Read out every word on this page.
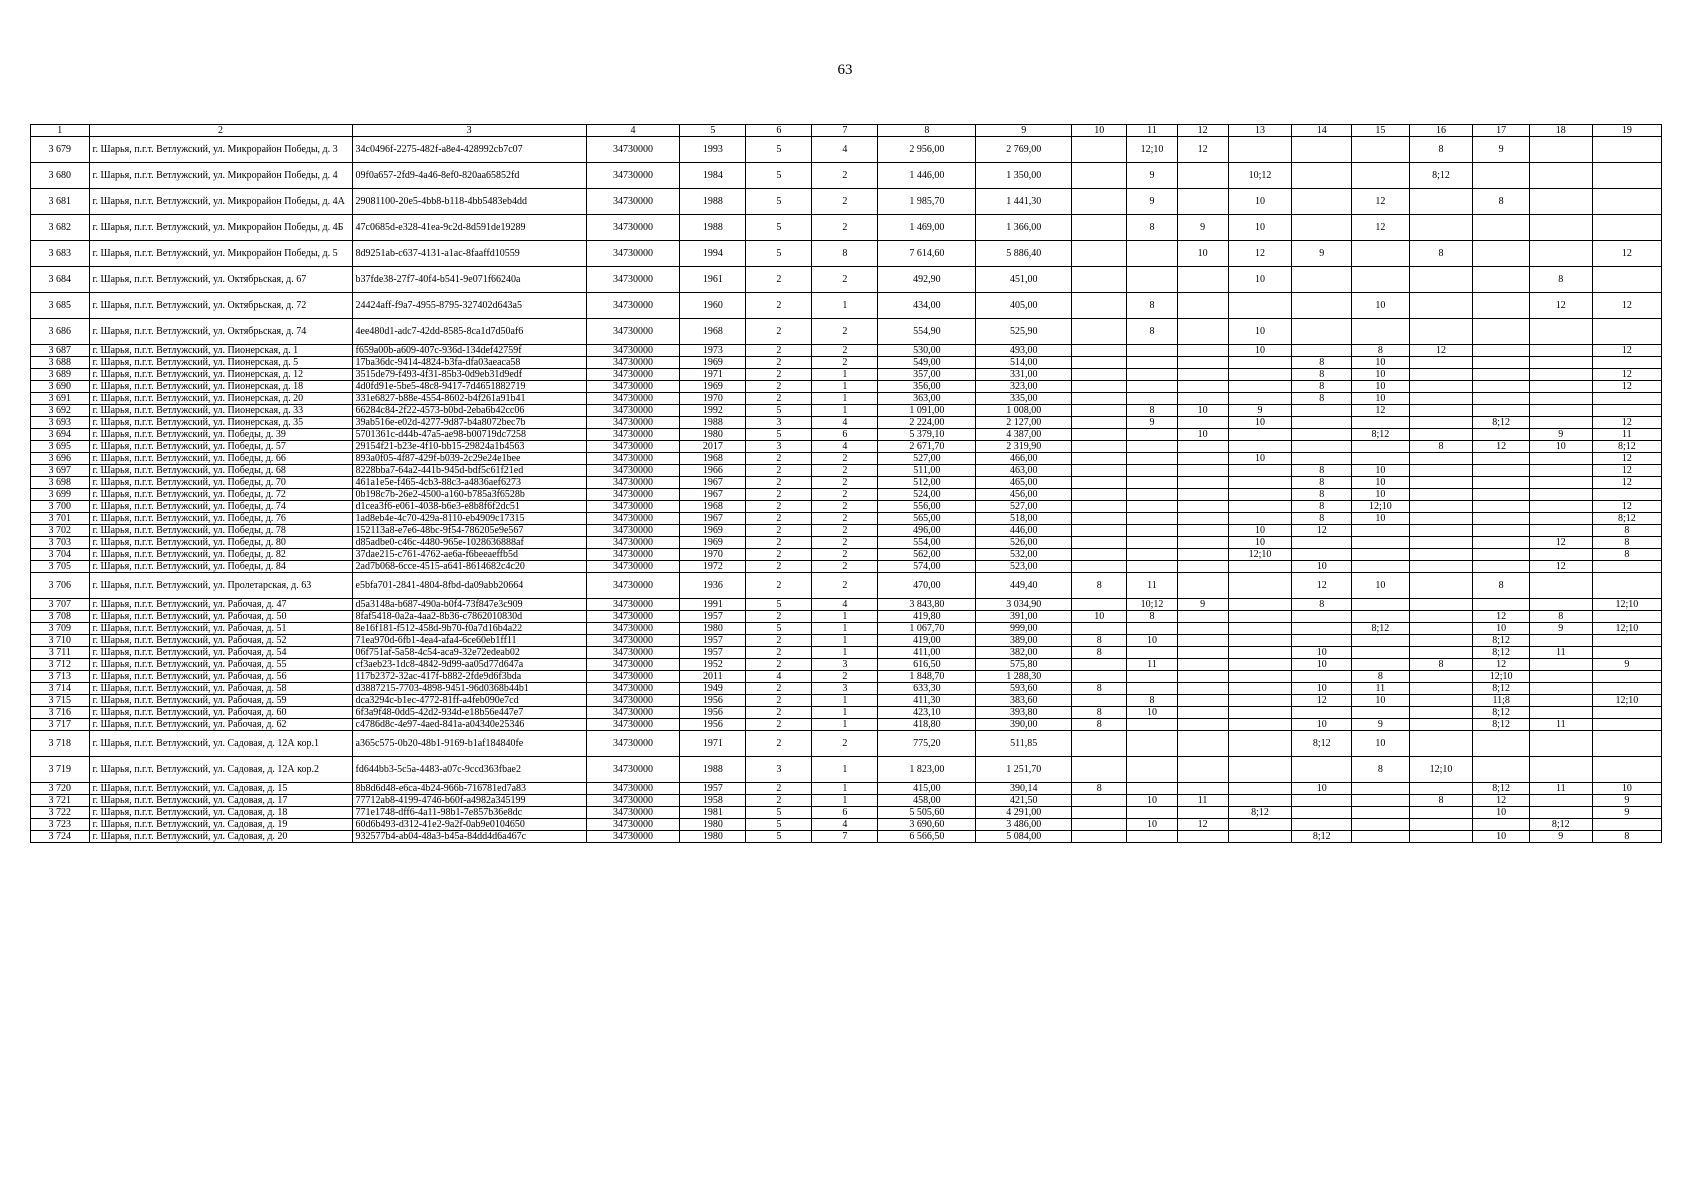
63
1	2	3	4	5	6	7	8	9	10	11	12	13	14	15	16	17	18	19
3 679	г. Шарья, п.г.т. Ветлужский, ул. Микрорайон Победы, д. 3	34c0496f-2275-482f-a8e4-428992cb7c07	34730000	1993	5	4	2 956,00	2 769,00		12;10	12				8	9		
3 680	г. Шарья, п.г.т. Ветлужский, ул. Микрорайон Победы, д. 4	09f0a657-2fd9-4a46-8ef0-820aa65852fd	34730000	1984	5	2	1 446,00	1 350,00		9		10;12			8;12			
3 681	г. Шарья, п.г.т. Ветлужский, ул. Микрорайон Победы, д. 4А	29081100-20e5-4bb8-b118-4bb5483eb4dd	34730000	1988	5	2	1 985,70	1 441,30		9		10		12		8		
3 682	г. Шарья, п.г.т. Ветлужский, ул. Микрорайон Победы, д. 4Б	47c0685d-e328-41ea-9c2d-8d591de19289	34730000	1988	5	2	1 469,00	1 366,00		8	9	10		12				
3 683	г. Шарья, п.г.т. Ветлужский, ул. Микрорайон Победы, д. 5	8d9251ab-c637-4131-a1ac-8faaffd10559	34730000	1994	5	8	7 614,60	5 886,40			10	12	9		8			12
3 684	г. Шарья, п.г.т. Ветлужский, ул. Октябрьская, д. 67	b37fde38-27f7-40f4-b541-9e071f66240a	34730000	1961	2	2	492,90	451,00				10					8	
3 685	г. Шарья, п.г.т. Ветлужский, ул. Октябрьская, д. 72	24424aff-f9a7-4955-8795-327402d643a5	34730000	1960	2	1	434,00	405,00		8				10			12	12
3 686	г. Шарья, п.г.т. Ветлужский, ул. Октябрьская, д. 74	4ee480d1-adc7-42dd-8585-8ca1d7d50af6	34730000	1968	2	2	554,90	525,90		8		10						
3 687	г. Шарья, п.г.т. Ветлужский, ул. Пионерская, д. 1	f659a00b-a609-407c-936d-134def42759f	34730000	1973	2	2	530,00	493,00				10		8	12			12
3 688	г. Шарья, п.г.т. Ветлужский, ул. Пионерская, д. 5	17ba36dc-9414-4824-b3fa-dfa03aeaca58	34730000	1969	2	2	549,00	514,00					8	10				
3 689	г. Шарья, п.г.т. Ветлужский, ул. Пионерская, д. 12	3515de79-f493-4f31-85b3-0d9eb31d9edf	34730000	1971	2	1	357,00	331,00					8	10				12
3 690	г. Шарья, п.г.т. Ветлужский, ул. Пионерская, д. 18	4d0fd91e-5be5-48c8-9417-7d4651882719	34730000	1969	2	1	356,00	323,00					8	10				12
3 691	г. Шарья, п.г.т. Ветлужский, ул. Пионерская, д. 20	331e6827-b88e-4554-8602-b4f261a91b41	34730000	1970	2	1	363,00	335,00					8	10				
3 692	г. Шарья, п.г.т. Ветлужский, ул. Пионерская, д. 33	66284c84-2f22-4573-b0bd-2eba6b42cc06	34730000	1992	5	1	1 091,00	1 008,00		8	10	9		12				
3 693	г. Шарья, п.г.т. Ветлужский, ул. Пионерская, д. 35	39ab516e-e02d-4277-9d87-b4a8072bec7b	34730000	1988	3	4	2 224,00	2 127,00		9		10				8;12		12
3 694	г. Шарья, п.г.т. Ветлужский, ул. Победы, д. 39	5701361c-d44b-47a5-ae98-b00719dc7258	34730000	1980	5	6	5 379,10	4 387,00			10			8;12			9	11
3 695	г. Шарья, п.г.т. Ветлужский, ул. Победы, д. 57	29154f21-b23e-4f10-bb15-29824a1b4563	34730000	2017	3	4	2 671,70	2 319,90							8	12	10	8;12
3 696	г. Шарья, п.г.т. Ветлужский, ул. Победы, д. 66	893a0f05-4f87-429f-b039-2c29e24e1bee	34730000	1968	2	2	527,00	466,00				10						12
3 697	г. Шарья, п.г.т. Ветлужский, ул. Победы, д. 68	8228bba7-64a2-441b-945d-bdf5c61f21ed	34730000	1966	2	2	511,00	463,00					8	10				12
3 698	г. Шарья, п.г.т. Ветлужский, ул. Победы, д. 70	461a1e5e-f465-4cb3-88c3-a4836aef6273	34730000	1967	2	2	512,00	465,00					8	10				12
3 699	г. Шарья, п.г.т. Ветлужский, ул. Победы, д. 72	0b198c7b-26e2-4500-a160-b785a3f6528b	34730000	1967	2	2	524,00	456,00					8	10				
3 700	г. Шарья, п.г.т. Ветлужский, ул. Победы, д. 74	d1cea3f6-e061-4038-b6e3-e8b8f6f2dc51	34730000	1968	2	2	556,00	527,00					8	12;10				12
3 701	г. Шарья, п.г.т. Ветлужский, ул. Победы, д. 76	1ad8eb4e-4c70-429a-8110-eb4909c17315	34730000	1967	2	2	565,00	518,00					8	10				8;12
3 702	г. Шарья, п.г.т. Ветлужский, ул. Победы, д. 78	152113a8-e7e6-48bc-9f54-786205e9e567	34730000	1969	2	2	496,00	446,00				10	12					8
3 703	г. Шарья, п.г.т. Ветлужский, ул. Победы, д. 80	d85adbe0-c46c-4480-965e-1028636888af	34730000	1969	2	2	554,00	526,00				10					12	8
3 704	г. Шарья, п.г.т. Ветлужский, ул. Победы, д. 82	37dae215-c761-4762-ae6a-f6beeaeffb5d	34730000	1970	2	2	562,00	532,00				12;10						8
3 705	г. Шарья, п.г.т. Ветлужский, ул. Победы, д. 84	2ad7b068-6cce-4515-a641-8614682c4c20	34730000	1972	2	2	574,00	523,00					10				12	
3 706	г. Шарья, п.г.т. Ветлужский, ул. Пролетарская, д. 63	e5bfa701-2841-4804-8fbd-da09abb20664	34730000	1936	2	2	470,00	449,40	8	11			12	10		8		
3 707	г. Шарья, п.г.т. Ветлужский, ул. Рабочая, д. 47	d5a3148a-b687-490a-b0f4-73f847e3c909	34730000	1991	5	4	3 843,80	3 034,90		10;12	9		8					12;10
3 708	г. Шарья, п.г.т. Ветлужский, ул. Рабочая, д. 50	8faf5418-0a2a-4aa2-8b36-c7862010830d	34730000	1957	2	1	419,80	391,00	10	8						12	8	
3 709	г. Шарья, п.г.т. Ветлужский, ул. Рабочая, д. 51	8e16f181-f512-458d-9b70-f0a7d16b4a22	34730000	1980	5	1	1 067,70	999,00						8;12		10	9	12;10
3 710	г. Шарья, п.г.т. Ветлужский, ул. Рабочая, д. 52	71ea970d-6fb1-4ea4-afa4-6ce60eb1ff11	34730000	1957	2	1	419,00	389,00	8	10						8;12		
3 711	г. Шарья, п.г.т. Ветлужский, ул. Рабочая, д. 54	06f751af-5a58-4c54-aca9-32e72edeab02	34730000	1957	2	1	411,00	382,00	8				10			8;12	11	
3 712	г. Шарья, п.г.т. Ветлужский, ул. Рабочая, д. 55	cf3aeb23-1dc8-4842-9d99-aa05d77d647a	34730000	1952	2	3	616,50	575,80		11			10		8	12		9
3 713	г. Шарья, п.г.т. Ветлужский, ул. Рабочая, д. 56	117b2372-32ac-417f-b882-2fde9d6f3bda	34730000	2011	4	2	1 848,70	1 288,30						8		12;10		
3 714	г. Шарья, п.г.т. Ветлужский, ул. Рабочая, д. 58	d3887215-7703-4898-9451-96d0368b44b1	34730000	1949	2	3	633,30	593,60	8				10	11		8;12		
3 715	г. Шарья, п.г.т. Ветлужский, ул. Рабочая, д. 59	dca3294c-b1ec-4772-81ff-a4feb090e7cd	34730000	1956	2	1	411,30	383,60		8			12	10		11;8		12;10
3 716	г. Шарья, п.г.т. Ветлужский, ул. Рабочая, д. 60	6f3a9f48-0dd5-42d2-934d-e18b56e447e7	34730000	1956	2	1	423,10	393,80	8	10						8;12		
3 717	г. Шарья, п.г.т. Ветлужский, ул. Рабочая, д. 62	c4786d8c-4e97-4aed-841a-a04340e25346	34730000	1956	2	1	418,80	390,00	8				10	9		8;12	11	
3 718	г. Шарья, п.г.т. Ветлужский, ул. Садовая, д. 12А кор.1	a365c575-0b20-48b1-9169-b1af184840fe	34730000	1971	2	2	775,20	511,85					8;12	10				
3 719	г. Шарья, п.г.т. Ветлужский, ул. Садовая, д. 12А кор.2	fd644bb3-5c5a-4483-a07c-9ccd363fbae2	34730000	1988	3	1	1 823,00	1 251,70						8	12;10			
3 720	г. Шарья, п.г.т. Ветлужский, ул. Садовая, д. 15	8b8d6d48-e6ca-4b24-966b-716781ed7a83	34730000	1957	2	1	415,00	390,14	8				10			8;12	11	10
3 721	г. Шарья, п.г.т. Ветлужский, ул. Садовая, д. 17	77712ab8-4199-4746-b60f-a4982a345199	34730000	1958	2	1	458,00	421,50		10	11				8	12		9
3 722	г. Шарья, п.г.т. Ветлужский, ул. Садовая, д. 18	771e1748-dff6-4a11-98b1-7e857b36e8dc	34730000	1981	5	6	5 505,60	4 291,00				8;12				10		9
3 723	г. Шарья, п.г.т. Ветлужский, ул. Садовая, д. 19	60d6b493-d312-41e2-9a2f-0ab9e0104650	34730000	1980	5	4	3 690,60	3 486,00		10	12						8;12	
3 724	г. Шарья, п.г.т. Ветлужский, ул. Садовая, д. 20	932577b4-ab04-48a3-b45a-84dd4d6a467c	34730000	1980	5	7	6 566,50	5 084,00					8;12			10	9	8
